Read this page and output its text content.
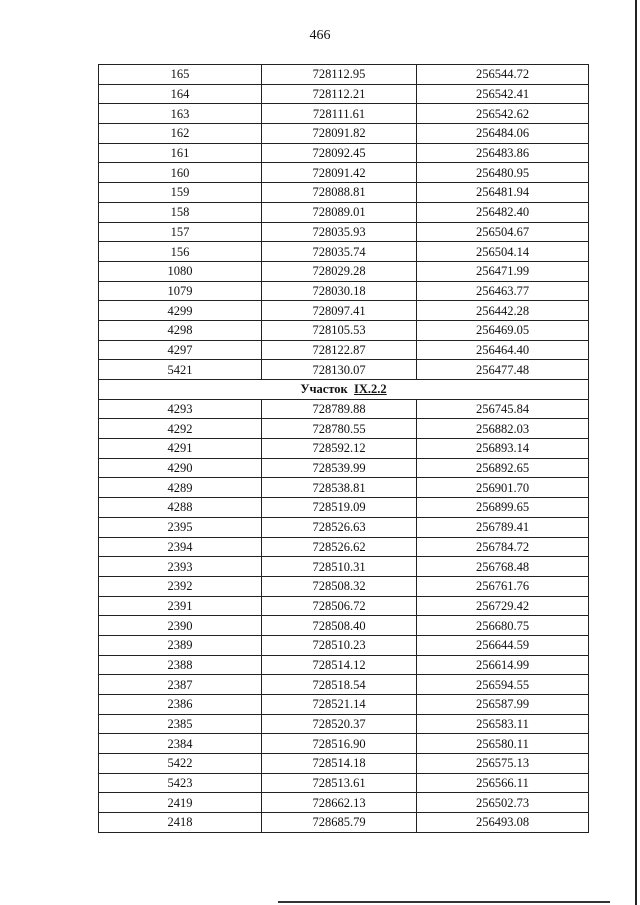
466
165	728112.95	256544.72
164	728112.21	256542.41
163	728111.61	256542.62
162	728091.82	256484.06
161	728092.45	256483.86
160	728091.42	256480.95
159	728088.81	256481.94
158	728089.01	256482.40
157	728035.93	256504.67
156	728035.74	256504.14
1080	728029.28	256471.99
1079	728030.18	256463.77
4299	728097.41	256442.28
4298	728105.53	256469.05
4297	728122.87	256464.40
5421	728130.07	256477.48
Участок IX.2.2		
4293	728789.88	256745.84
4292	728780.55	256882.03
4291	728592.12	256893.14
4290	728539.99	256892.65
4289	728538.81	256901.70
4288	728519.09	256899.65
2395	728526.63	256789.41
2394	728526.62	256784.72
2393	728510.31	256768.48
2392	728508.32	256761.76
2391	728506.72	256729.42
2390	728508.40	256680.75
2389	728510.23	256644.59
2388	728514.12	256614.99
2387	728518.54	256594.55
2386	728521.14	256587.99
2385	728520.37	256583.11
2384	728516.90	256580.11
5422	728514.18	256575.13
5423	728513.61	256566.11
2419	728662.13	256502.73
2418	728685.79	256493.08
